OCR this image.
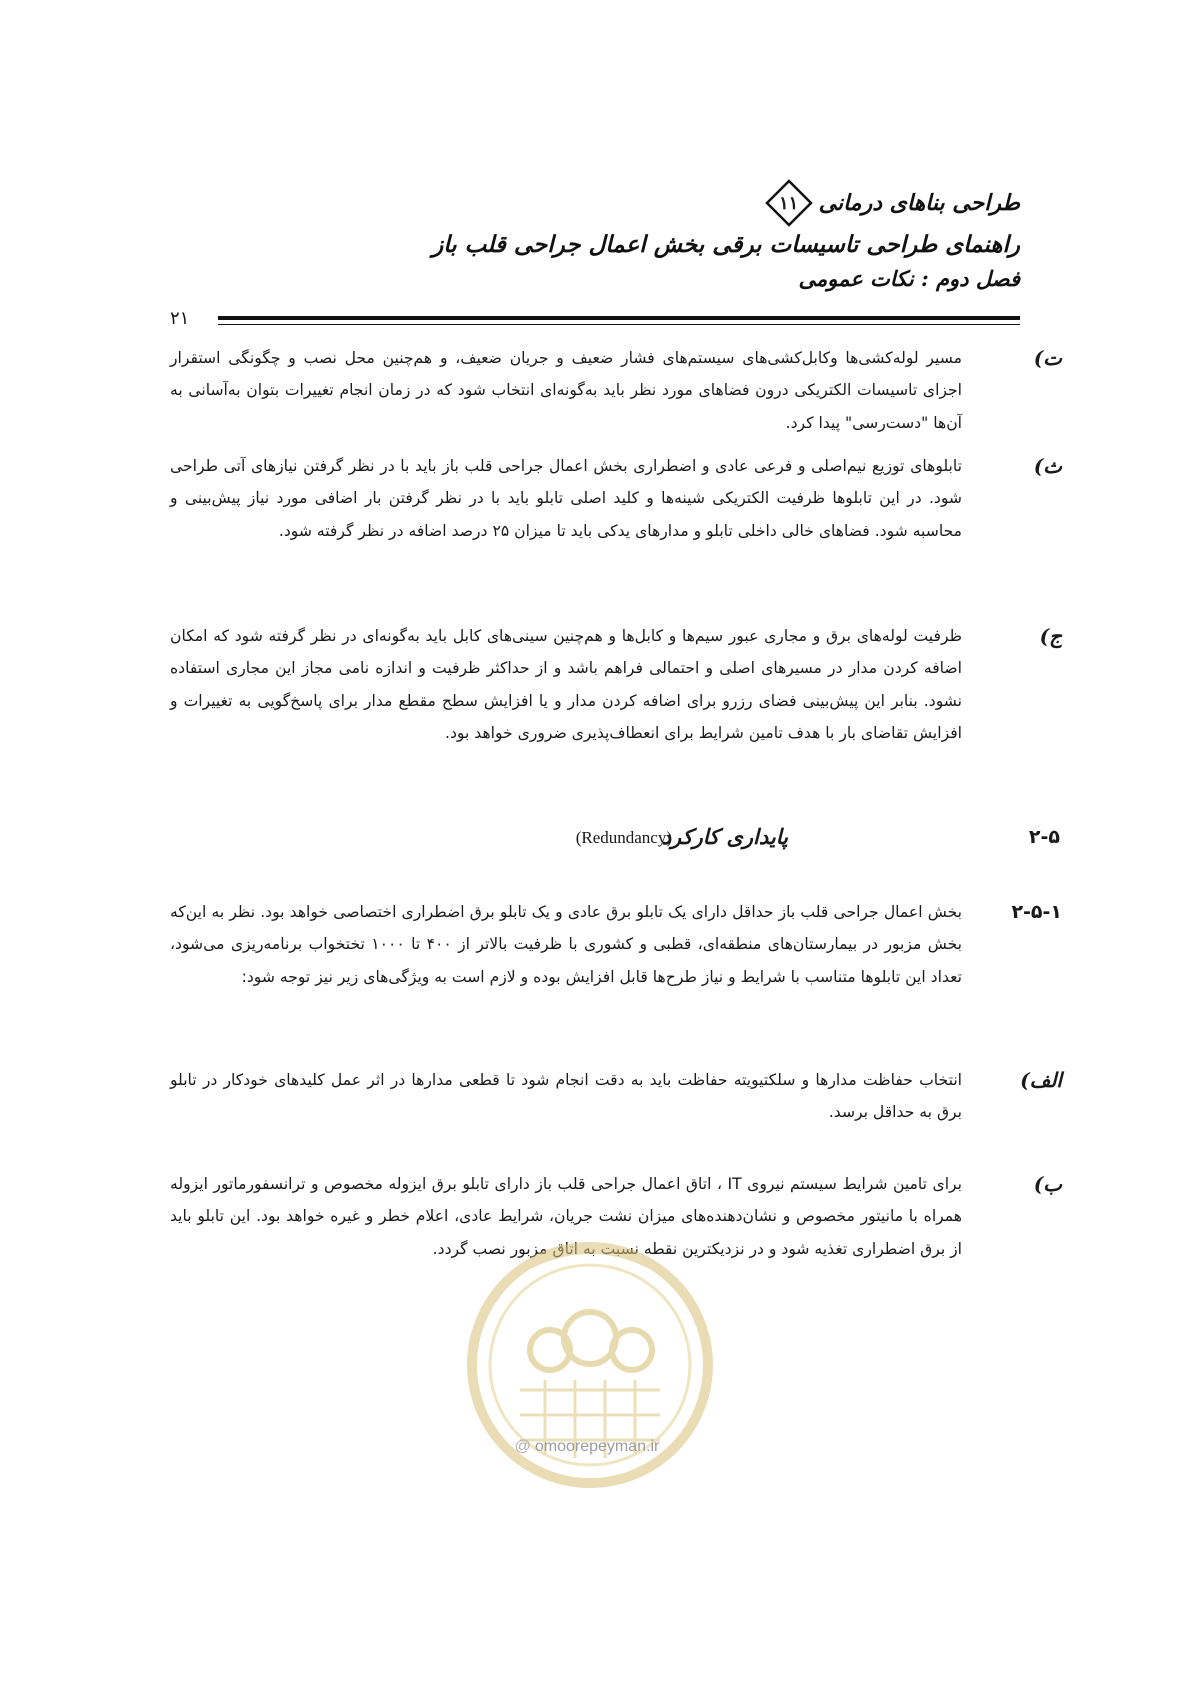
طراحی بناهای درمانی
۱۱
راهنمای طراحی تاسیسات برقی بخش اعمال جراحی قلب باز
فصل دوم : نکات عمومی
۲۱
ت)

مسیر لوله‌کشی‌ها وکابل‌کشی‌های سیستم‌های فشار ضعیف و جریان ضعیف، و هم‌چنین محل نصب و چگونگی استقرار اجزای تاسیسات الکتریکی درون فضاهای مورد نظر باید به‌گونه‌ای انتخاب شود که در زمان انجام تغییرات بتوان به‌آسانی به آن‌ها "دست‌رسی" پیدا کرد.

ث)

تابلوهای توزیع نیم‌اصلی و فرعی عادی و اضطراری بخش اعمال جراحی قلب باز باید با در نظر گرفتن نیازهای آتی طراحی شود. در این تابلوها ظرفیت الکتریکی شینه‌ها و کلید اصلی تابلو باید با در نظر گرفتن بار اضافی مورد نیاز پیش‌بینی و محاسبه شود. فضاهای خالی داخلی تابلو و مدارهای یدکی باید تا میزان ۲۵ درصد اضافه در نظر گرفته شود.

ج)

ظرفیت لوله‌های برق و مجاری عبور سیم‌ها و کابل‌ها و هم‌چنین سینی‌های کابل باید به‌گونه‌ای در نظر گرفته شود که امکان اضافه کردن مدار در مسیرهای اصلی و احتمالی فراهم باشد و از حداکثر ظرفیت و اندازه نامی مجاز این مجاری استفاده نشود. بنابر این پیش‌بینی فضای رزرو برای اضافه کردن مدار و یا افزایش سطح مقطع مدار برای پاسخ‌گویی به تغییرات و افزایش تقاضای بار با هدف تامین شرایط برای انعطاف‌پذیری ضروری خواهد بود.

۲-۵
پایداری کارکرد
(Redundancy)
۲-۵-۱

بخش اعمال جراحی قلب باز حداقل دارای یک تابلو برق عادی و یک تابلو برق اضطراری اختصاصی خواهد بود. نظر به این‌که بخش مزبور در بیمارستان‌های منطقه‌ای، قطبی و کشوری با ظرفیت بالاتر از ۴۰۰ تا ۱۰۰۰ تختخواب برنامه‌ریزی می‌شود، تعداد این تابلوها متناسب با شرایط و نیاز طرح‌ها قابل افزایش بوده و لازم است به ویژگی‌های زیر نیز توجه شود:

الف)

انتخاب حفاظت مدارها و سلکتیویته حفاظت باید به دقت انجام شود تا قطعی مدارها در اثر عمل کلیدهای خودکار در تابلو برق به حداقل برسد.

ب)

برای تامین شرایط سیستم نیروی IT ، اتاق اعمال جراحی قلب باز دارای تابلو برق ایزوله مخصوص و ترانسفورماتور ایزوله همراه با مانیتور مخصوص و نشان‌دهنده‌های میزان نشت جریان، شرایط عادی، اعلام خطر و غیره خواهد بود. این تابلو باید از برق اضطراری تغذیه شود و در نزدیکترین نقطه نسبت به اتاق مزبور نصب گردد.

@ omoorepeyman.ir
